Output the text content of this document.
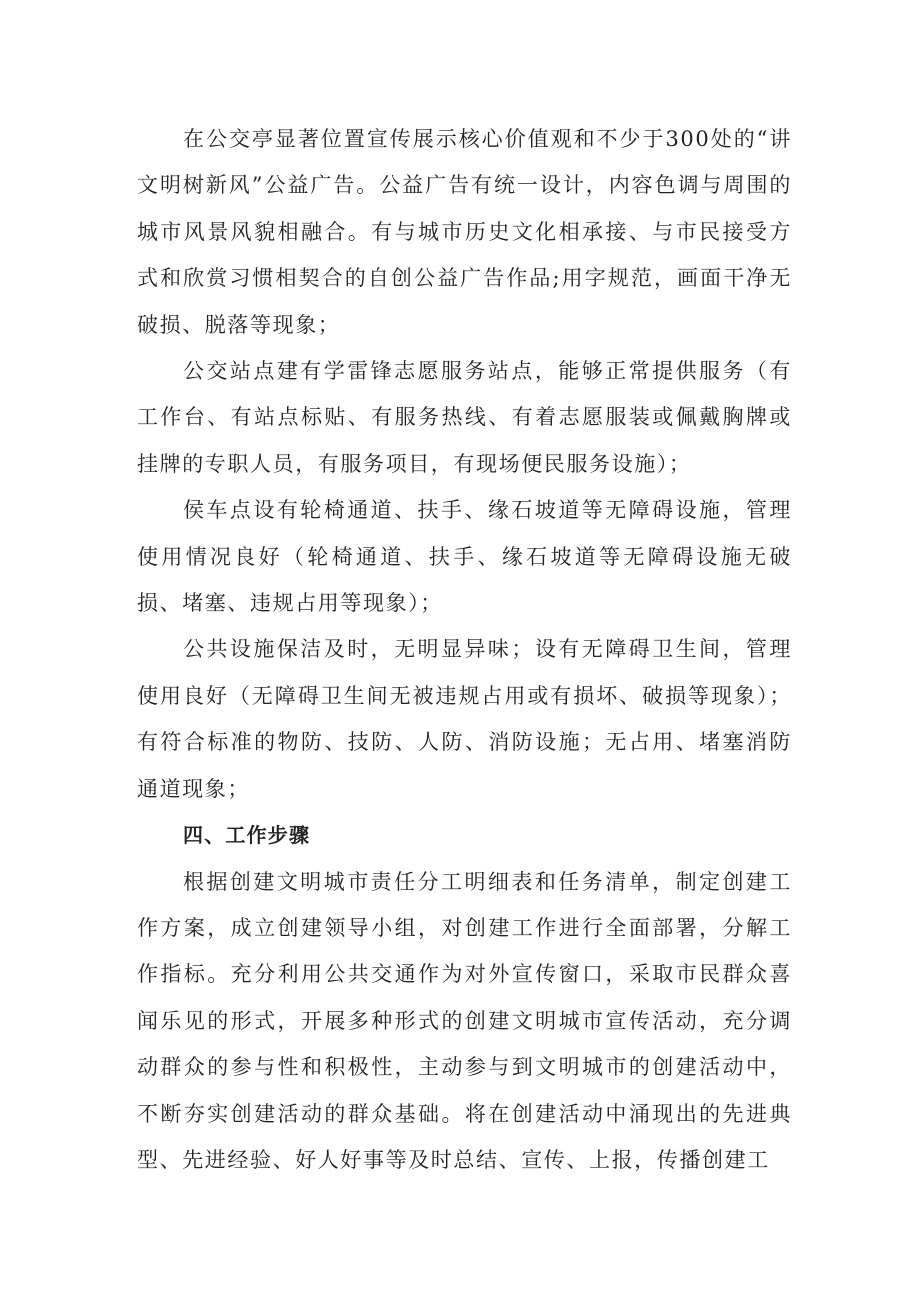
在公交亭显著位置宣传展示核心价值观和不少于300处的“讲文明树新风”公益广告。公益广告有统一设计，内容色调与周围的城市风景风貌相融合。有与城市历史文化相承接、与市民接受方式和欣赏习惯相契合的自创公益广告作品;用字规范，画面干净无破损、脱落等现象；

公交站点建有学雷锋志愿服务站点，能够正常提供服务（有工作台、有站点标贴、有服务热线、有着志愿服装或佩戴胸牌或挂牌的专职人员，有服务项目，有现场便民服务设施）；

侯车点设有轮椅通道、扶手、缘石坡道等无障碍设施，管理使用情况良好（轮椅通道、扶手、缘石坡道等无障碍设施无破损、堵塞、违规占用等现象）；

公共设施保洁及时，无明显异味；设有无障碍卫生间，管理使用良好（无障碍卫生间无被违规占用或有损坏、破损等现象）；有符合标准的物防、技防、人防、消防设施；无占用、堵塞消防通道现象；

四、工作步骤

根据创建文明城市责任分工明细表和任务清单，制定创建工作方案，成立创建领导小组，对创建工作进行全面部署，分解工作指标。充分利用公共交通作为对外宣传窗口，采取市民群众喜闻乐见的形式，开展多种形式的创建文明城市宣传活动，充分调动群众的参与性和积极性，主动参与到文明城市的创建活动中，不断夯实创建活动的群众基础。将在创建活动中涌现出的先进典型、先进经验、好人好事等及时总结、宣传、上报，传播创建工
